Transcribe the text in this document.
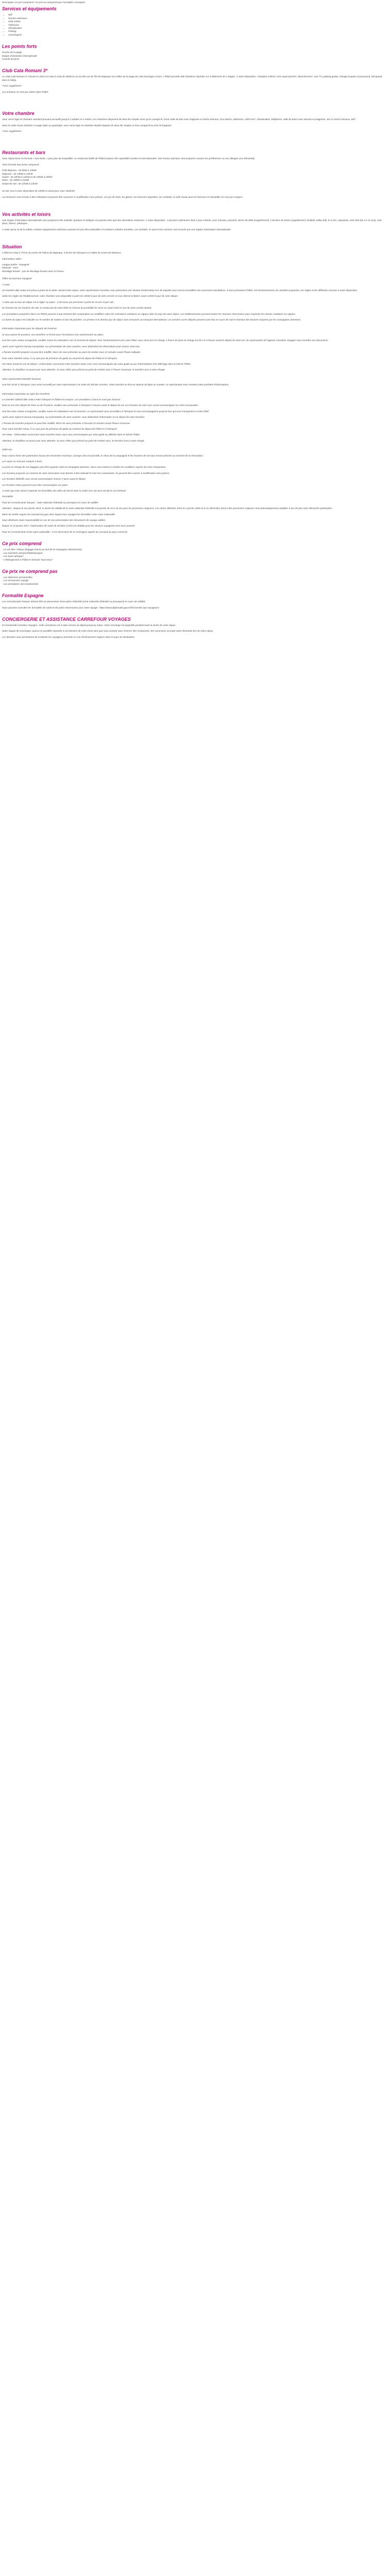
Description Ce prix comprend / Ce prix ne comprend pas Formalités Consignes

Services et équipements
• Wifi
• Piscine extérieure
• Club enfant
• Télévision
• Climatisation
• Parking
• Conciergerie
Les points forts

Proche de la plage

Equipe d'animation internationale

Grande terrasse

Club Cala Romani 3*

Le Club Cala Romani 3* rénové en 2023 est situé à Cala de Mallorca sur la côte est de l'île de Majorque et à 65km de la plage de Cala Domingos Grans. L'hôtel possède 206 chambres réparties sur 3 bâtiments de 4 étages. À votre disposition : réception 24h/24, mini-supermarché*, blanchisserie*, coin TV, parking gratuit, change (espace et passeurs), wifi gratuit dans le lobby.

*Avec supplément

Les animaux ne sont pas admis dans l'hôtel.

Votre chambre

Vous serez logé en chambre standard pouvant accueillir jusqu'à 2 adultes et 1 enfant. Les chambres disposent de deux lits simples ainsi qu'un canapé-lit, d'une salle de bain avec baignoire et sèche-cheveux, d'un balcon, télévision, coffre-fort*, climatisation, téléphone, salle de bains avec douche ou baignoire, WC et sèche-cheveux, wifi*.

Dans le cadre d'une chambre à usage triple ou quadruple, vous serez logé en chambre double équipée de deux lits simples et d'un canapé-lit ou d'un lit d'appoint.

*Avec supplément

Restaurants et bars

Vous séjournerez en formule « tout inclus » pour plus de tranquillité. Le restaurant buffet de l'hôtel propose des spécialités locales et internationales. Des menus spéciaux sont proposés suivant vos préférences ou vos allergies (sur demande).

Votre formule tout inclus comprend :

Petit déjeuner : de 8h00 à 10h00

Déjeuner : de 13h00 à 14h30

Snack : de 10h30 à 12h30 et de 15h00 à 18h00

Dîner : de 19h00 à 21h00

Snack de nuit : de 21h00 à 22h30

Un bar sera à votre disposition de 10h00 à minuit pour vous rafraîchir.

Les boissons sont servies à titre individuel et peuvent être soumises à modification sans préavis. Les jus de fruits, les glaces, les boissons importées, les cocktails, le café moulu ainsi les boissons en bouteilles ne sont pas compris.

Vos activités et loisirs

Une équipe d'animation internationale vous proposera des activités sportives et ludiques en journée ainsi que des animations nocturnes. À votre disposition : 4 piscines extérieures dont 2 pour enfants, avec transats, parasols, tennis de table (supplément*), 2 terrains de tennis (supplément*), football, volley-ball, tir à l'arc, waterpolo, mini-club (de 4 à 12 ans), mini-disco, fitness, pétanque...

À noter qu'au vu de la météo, certains équipements extérieurs peuvent ne pas être praticables et certaines activités annulées. Les activités, le sport et les services sont assurés par une équipe d'animation internationale.

Situation

L'hôtel est situé à 70 km du centre de Palma de Majorque, à 65 km de l'aéroport et à 50km du centre de Manacor.

Informations utiles :

Langue parlée : Espagnol

Monnaie : Euro

Décalage horaire : pas de décalage horaire avec la France

Office du tourisme espagnol

À noter

Un transfert aller-retour est prévu à partir de la Sicile. Durant votre séjour, votre représentant Carrefour vous présentera une réunion d'information lors de laquelle vous seront conseillées des excursions facultatives. Il vous présentera l'hôtel, son fonctionnement, les activités proposées, les règles et les différents services à votre disposition.

Selon les règles de l'établissement, votre chambre sera disponible à partir de 14h00 le jour de votre arrivée et vous devrez la libérer avant 12h00 le jour de votre départ.

À noter que la taxe de séjour est à régler sur place : 2,50 euros par personne à partir de 16 ans et par nuit.

En fonction de vos horaires de vols, le restaurant de votre hôtel se réserve la possibilité de servir un repas froid en vue de votre arrivée tardive.

Les prestations proposées dans ces hôtels peuvent à tout moment être suspendues ou modifiées selon les restrictions sanitaires en vigueur dans le pays de votre séjour. Les établissements prennent toutes les mesures nécessaires pour respecter les normes sanitaires en vigueur.

La durée du séjour est calculée sur le nombre de nuitées et non de journées. Le premier et le dernier jour de séjour sont consacrés au transport international. Les arrivées ou les départs peuvent avoir lieu en cours de nuit en fonction des horaires imposés par les compagnies aériennes.

Information importante pour les départs de Province :

Si vous partez de province, vos transferts se feront avec l'assistance d'un représentant sur place.

Une fois votre voiture enregistrée, veuillez suivre les indications vers le terminal de départ. Pour l'acheminement vers votre hôtel, vous serez pris en charge. L'heure de prise en charge est de 3 à 4 heures avant le départ de votre vol. Un représentant de l'agence Carrefour Voyages vous remettra vos documents.

Après avoir rejoint le bureau Europeaba, sur présentation de votre voucher, vous obtiendrez les informations pour trouver votre bus.

L'horaire transfert proposé ne peut être modifié. Merci de vous présenter au point de rendez-vous 15 minutes avant l'heure indiquée.

Pour votre transfert retour, il n'y aura pas de présence de guide au moment du départ de l'hôtel et à l'aéroport.

Vol retour tenant le soir du départ. L'information concernant votre transfert retour vous sera communiquée par votre guide ou par l'intermédiaire d'un affichage dans le hall de l'hôtel.

Attention, le chauffeur ne pourra pas vous attendre. Si vous n'êtes pas présent au point de rendez-vous à l'heure convenue, le transfert sera à votre charge.

Votre représentant Mondial Tourisme

Une fois arrivé à l'aéroport, vous serez accueilli par votre représentant à la sortie du hall des arrivées. Votre transfert se fera en autocar de ligne ou navette. Le représentant vous remettra votre pochette d'informations.

Information importante au sujet des transferts

Le transfert collectif aller-retour entre l'aéroport et l'hôtel est compris. Les prestations à bord ne sont pas incluses.

Dans le cas d'un départ de Paris ou de Province, veuillez vous présenter à l'aéroport 2 heures avant le départ du vol. Les horaires de vols vous seront communiqués sur votre convocation.

Une fois votre voiture enregistrée, veuillez suivre les indications vers le terminal. Le représentant vous accueillera à l'aéroport et vous accompagnera jusqu'au bus qui vous transportera à votre hôtel.

Après avoir rejoint le bureau Europeaba, sur présentation de votre voucher, vous obtiendrez l'information sur le départ de votre transfert.

L'horaire de transfert proposé ne peut être modifié. Merci de vous présenter à l'accueil 15 minutes avant l'heure convenue.

Pour votre transfert retour, il n'y aura pas de présence de guide au moment du départ de l'hôtel et à l'aéroport.

Vol retour : l'information concernant votre transfert retour vous sera communiquée par votre guide ou affichée dans le hall de l'hôtel.

Attention, le chauffeur ne pourra pas vous attendre. Si vous n'êtes pas présent au point de rendez-vous, le transfert sera à votre charge.

Hôtel non

Nous avons choisi des partenaires locaux de renommée reconnue. Lorsque cela est possible, le choix de la compagnie et les horaires de vol vous seront précisés au moment de la réservation.

Les repas ne sont pas compris à bord.

La prise en charge de vos bagages peut être payante selon la compagnie aérienne. Nous vous invitons à vérifier les conditions auprès de votre transporteur.

Les horaires proposés au moment de votre réservation sont donnés à titre indicatif et sont non contractuels. Ils peuvent être soumis à modification sans préavis.

Les horaires définitifs vous seront communiqués environ 7 jours avant le départ.

Les horaires retour pourront vous être communiqués sur place.

À noter que vous devez respecter les formalités des villes de transit dans le cadre d'un vol avec escale le cas échéant.

Formalités

Pour les ressortissants français : carte nationale d'identité ou passeport en cours de validité.

Attention : Depuis le 1er janvier 2014, la durée de validité de la carte nationale d'identité est passée de 10 à 15 ans pour les personnes majeures. Les cartes délivrées entre le 2 janvier 2004 et le 31 décembre 2013 à des personnes majeures sont automatiquement valables 5 ans de plus sans démarche particulière.

Merci de vérifier auprès du consulat du pays dans lequel vous voyagez les formalités selon votre nationalité.

Nous déclinons toute responsabilité en cas de non-présentation des documents de voyage valides.

Depuis le 15 janvier 2017, l'autorisation de sortie du territoire (AST) est rétablie pour les mineurs voyageant sans leurs parents.

Pour les ressortissants d'une autre nationalité : il est nécessaire de se renseigner auprès du consulat du pays concerné.

Ce prix comprend

- Le vol Aller / Retour (bagage inclus) au tarif de la compagnie sélectionnée)

- Les transferts aéroport/hôtel/aéroport

- Les taxes aéroport

- L'hébergement à l'hôtel en formule "tout inclus"

Ce prix ne comprend pas

- Les dépenses personnelles

- Les assurances voyage

- Les prestations non mentionnées

Formalité Espagne

Les ressortissants français doivent être en possession d'une pièce d'identité (carte nationale d'identité ou passeport) en cours de validité.

Nous pouvons consulter les formalités de santé et de police nécessaires pour votre voyage : https://www.diplomatie.gouv.fr/fr/conseils-aux-voyageurs/

CONCIERGERIE ET ASSISTANCE CARREFOUR VOYAGES

En Exclusivité Carrefour Voyages. Cette assistance est à votre service du départ jusqu'au retour. Votre concierge est joignable pendant toute la durée de votre séjour.

Notre équipe de concierges, pourra en parallèle répondre à vos besoins de votre choix ainsi que vous assister pour réserver des restaurants, des excursions ou toute autre demande lors de votre séjour.

Les données nous permettront de contacter les voyageurs présents en cas d'événements majeurs dans le pays de destination.
